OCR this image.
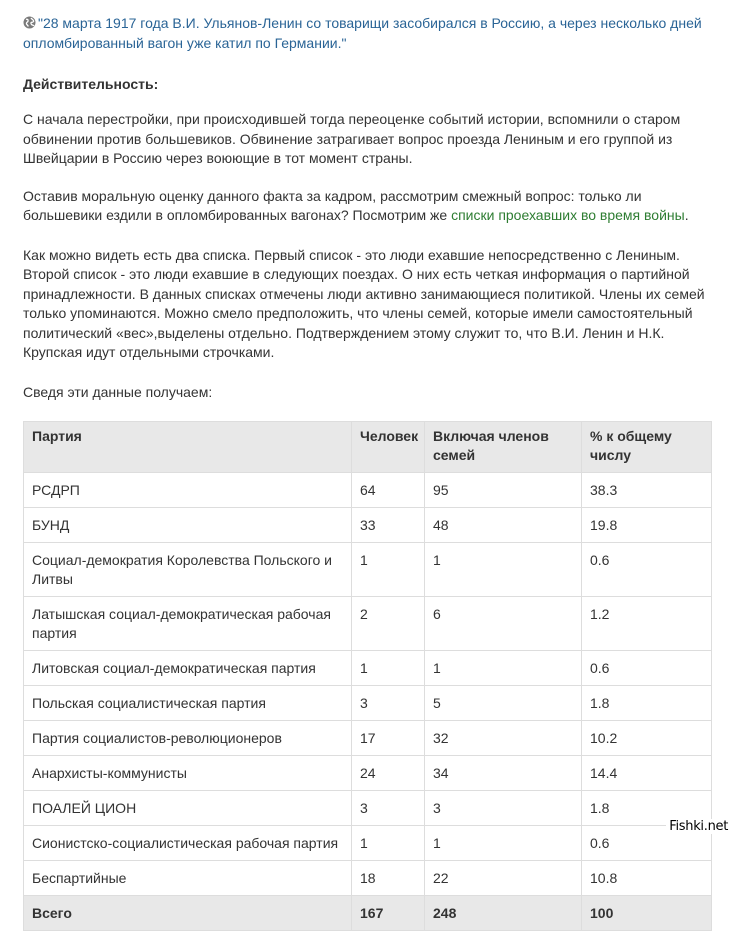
"28 марта 1917 года В.И. Ульянов-Ленин со товарищи засобирался в Россию, а через несколько дней опломбированный вагон уже катил по Германии."

Действительность:

С начала перестройки, при происходившей тогда переоценке событий истории, вспомнили о старом обвинении против большевиков. Обвинение затрагивает вопрос проезда Лениным и его группой из Швейцарии в Россию через воюющие в тот момент страны.

Оставив моральную оценку данного факта за кадром, рассмотрим смежный вопрос: только ли большевики ездили в опломбированных вагонах? Посмотрим же списки проехавших во время войны.

Как можно видеть есть два списка. Первый список - это люди ехавшие непосредственно с Лениным. Второй список - это люди ехавшие в следующих поездах. О них есть четкая информация о партийной принадлежности. В данных списках отмечены люди активно занимающиеся политикой. Члены их семей только упоминаются. Можно смело предположить, что члены семей, которые имели самостоятельный политический «вес»,выделены отдельно. Подтверждением этому служит то, что В.И. Ленин и Н.К. Крупская идут отдельными строчками.

Сведя эти данные получаем:

Партия	Человек	Включая членов семей	% к общему числу
РСДРП	64	95	38.3
БУНД	33	48	19.8
Социал-демократия Королевства Польского и Литвы	1	1	0.6
Латышская социал-демократическая рабочая партия	2	6	1.2
Литовская социал-демократическая партия	1	1	0.6
Польская социалистическая партия	3	5	1.8
Партия социалистов-революционеров	17	32	10.2
Анархисты-коммунисты	24	34	14.4
ПОАЛЕЙ ЦИОН	3	3	1.8
Сионистско-социалистическая рабочая партия	1	1	0.6
Беспартийные	18	22	10.8
Всего	167	248	100
Fishki.net
